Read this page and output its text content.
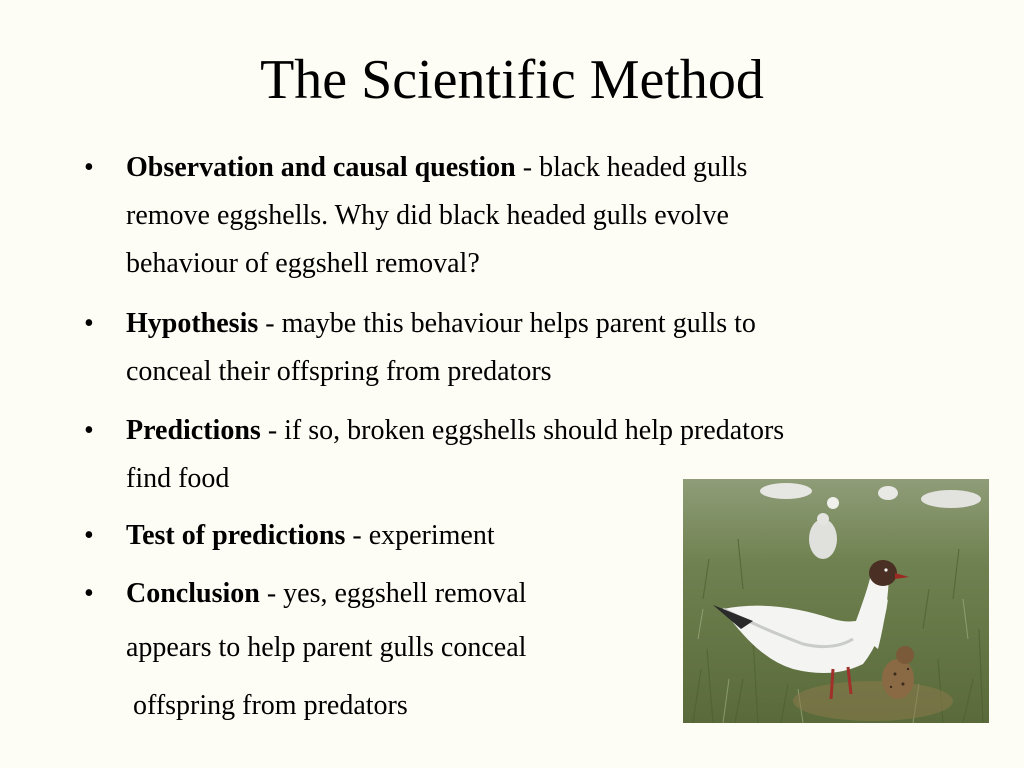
The Scientific Method
•	Observation and causal question - black headed gulls
remove eggshells. Why did black headed gulls evolve
behaviour of eggshell removal?
•	Hypothesis - maybe this behaviour helps parent gulls to
conceal their offspring from predators
•	Predictions - if so, broken eggshells should help predators
find food
•	Test of predictions - experiment
•	Conclusion - yes, eggshell removal
appears to help parent gulls conceal
offspring from predators
